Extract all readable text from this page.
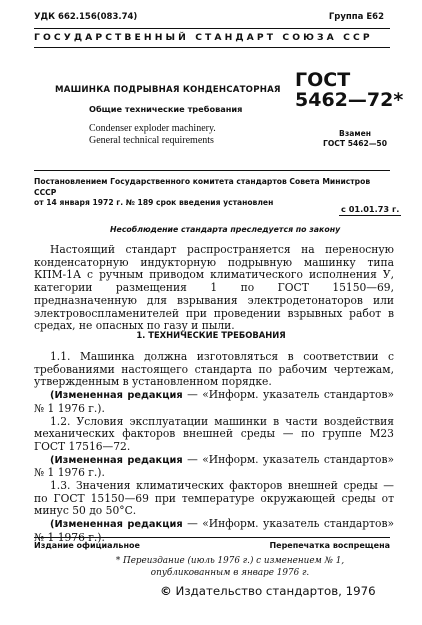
УДК 662.156(083.74)	Группа Е62
ГОСУДАРСТВЕННЫЙ СТАНДАРТ СОЮЗА ССР
МАШИНКА ПОДРЫВНАЯ КОНДЕНСАТОРНАЯ
Общие технические требования
Condenser exploder machinery.
General technical requirements
ГОСТ
5462—72*
Взамен
ГОСТ 5462—50
Постановлением Государственного комитета стандартов Совета Министров СССР
от 14 января 1972 г. № 189 срок введения установлен
с 01.01.73 г.
Несоблюдение стандарта преследуется по закону

Настоящий стандарт распространяется на переносную конденсаторную индукторную подрывную машинку типа КПМ-1А с ручным приводом климатического исполнения У, категории размещения 1 по ГОСТ 15150—69, предназначенную для взрывания электродетонаторов или электровоспламенителей при проведении взрывных работ в средах, не опасных по газу и пыли.

1. ТЕХНИЧЕСКИЕ ТРЕБОВАНИЯ

1.1. Машинка должна изготовляться в соответствии с требованиями настоящего стандарта по рабочим чертежам, утвержденным в установленном порядке.

(Измененная редакция — «Информ. указатель стандартов» № 1 1976 г.).

1.2. Условия эксплуатации машинки в части воздействия механических факторов внешней среды — по группе М23 ГОСТ 17516—72.

(Измененная редакция — «Информ. указатель стандартов» № 1 1976 г.).

1.3. Значения климатических факторов внешней среды — по ГОСТ 15150—69 при температуре окружающей среды от минус 50 до 50°С.

(Измененная редакция — «Информ. указатель стандартов» № 1 1976 г.).

Издание официальное	Перепечатка воспрещена
* Переиздание (июль 1976 г.) с изменением № 1,
опубликованным в январе 1976 г.
© Издательство стандартов, 1976
